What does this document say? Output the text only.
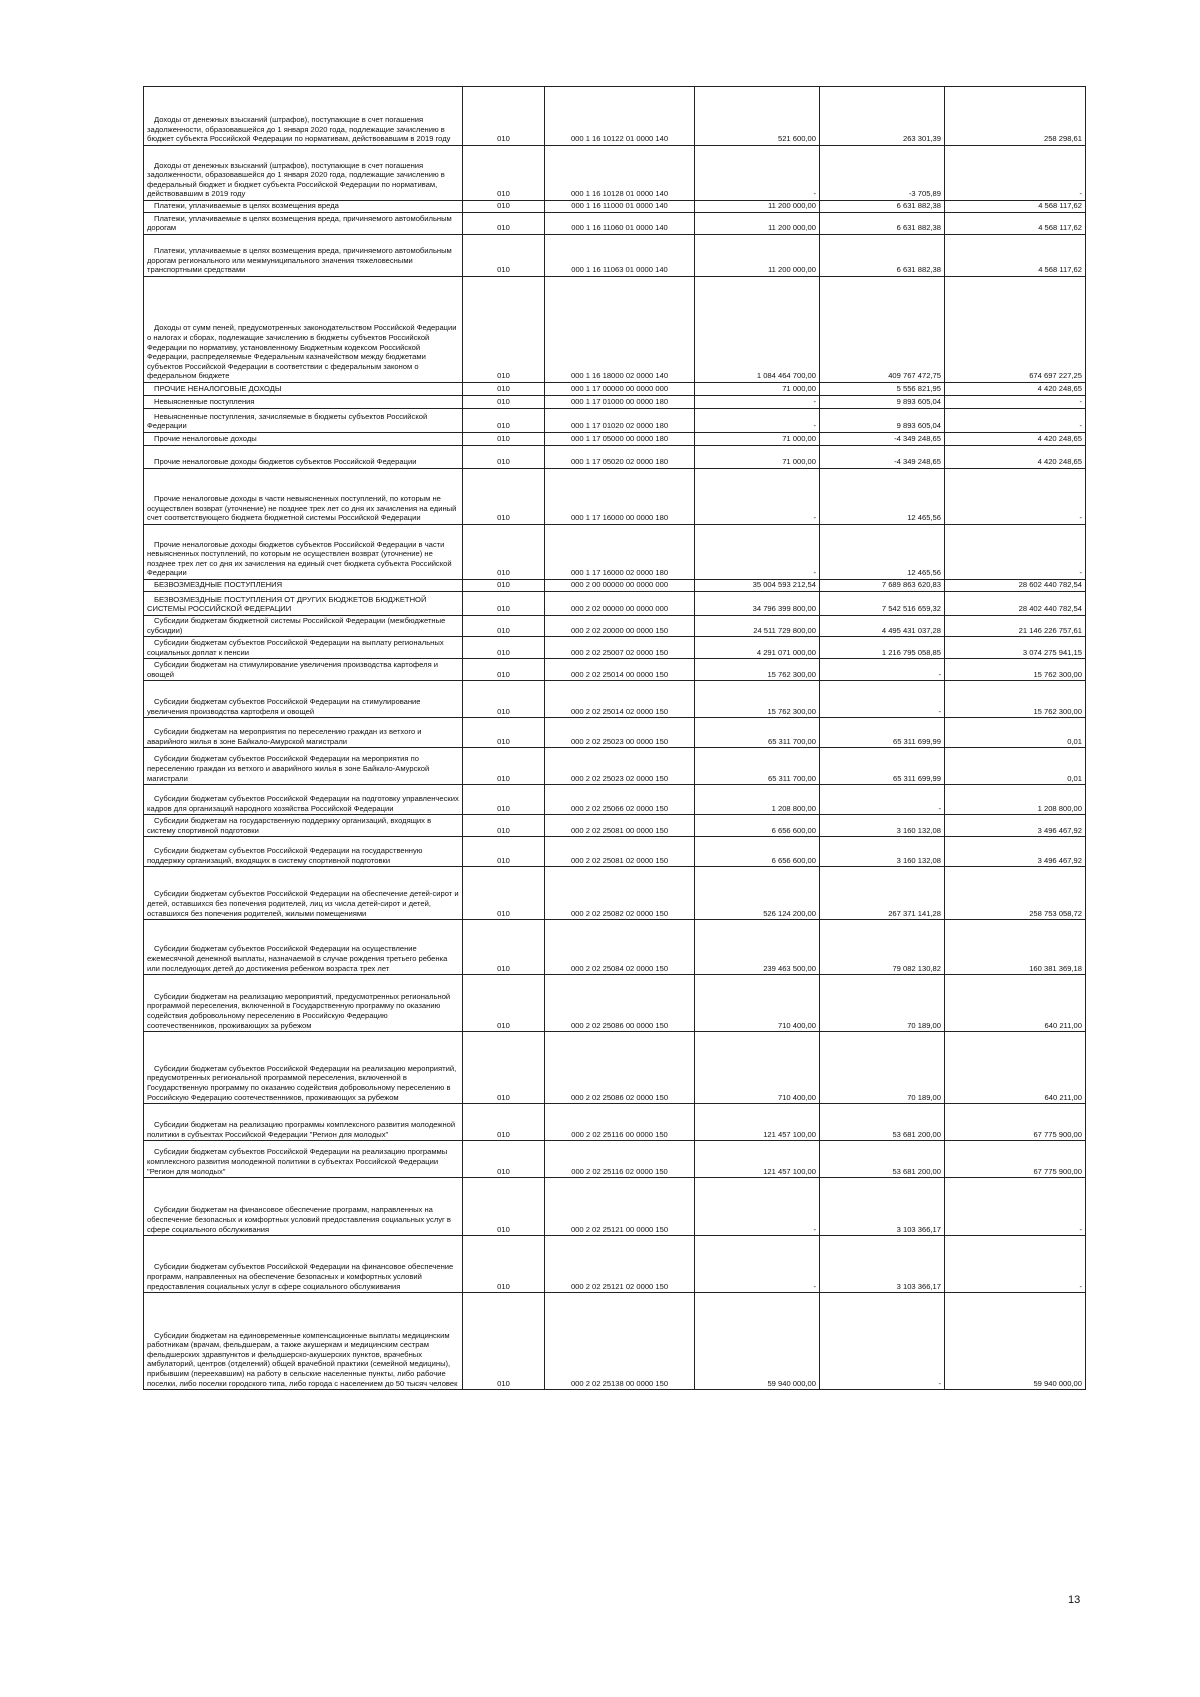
Доходы от денежных взысканий (штрафов), поступающие в счет погашения задолженности, образовавшейся до 1 января 2020 года, подлежащие зачислению в бюджет субъекта Российской Федерации по нормативам, действовавшим в 2019 году	010	000 1 16 10122 01 0000 140	521 600,00	263 301,39	258 298,61
Доходы от денежных взысканий (штрафов), поступающие в счет погашения задолженности, образовавшейся до 1 января 2020 года, подлежащие зачислению в федеральный бюджет и бюджет субъекта Российской Федерации по нормативам, действовавшим в 2019 году	010	000 1 16 10128 01 0000 140	-	-3 705,89	-
Платежи, уплачиваемые в целях возмещения вреда	010	000 1 16 11000 01 0000 140	11 200 000,00	6 631 882,38	4 568 117,62
Платежи, уплачиваемые в целях возмещения вреда, причиняемого автомобильным дорогам	010	000 1 16 11060 01 0000 140	11 200 000,00	6 631 882,38	4 568 117,62
Платежи, уплачиваемые в целях возмещения вреда, причиняемого автомобильным дорогам регионального или межмуниципального значения тяжеловесными транспортными средствами	010	000 1 16 11063 01 0000 140	11 200 000,00	6 631 882,38	4 568 117,62
Доходы от сумм пеней, предусмотренных законодательством Российской Федерации о налогах и сборах, подлежащие зачислению в бюджеты субъектов Российской Федерации по нормативу, установленному Бюджетным кодексом Российской Федерации, распределяемые Федеральным казначейством между бюджетами субъектов Российской Федерации в соответствии с федеральным законом о федеральном бюджете	010	000 1 16 18000 02 0000 140	1 084 464 700,00	409 767 472,75	674 697 227,25
ПРОЧИЕ НЕНАЛОГОВЫЕ ДОХОДЫ	010	000 1 17 00000 00 0000 000	71 000,00	5 556 821,95	4 420 248,65
Невыясненные поступления	010	000 1 17 01000 00 0000 180	-	9 893 605,04	-
Невыясненные поступления, зачисляемые в бюджеты субъектов Российской Федерации	010	000 1 17 01020 02 0000 180	-	9 893 605,04	-
Прочие неналоговые доходы	010	000 1 17 05000 00 0000 180	71 000,00	-4 349 248,65	4 420 248,65
Прочие неналоговые доходы бюджетов субъектов Российской Федерации	010	000 1 17 05020 02 0000 180	71 000,00	-4 349 248,65	4 420 248,65
Прочие неналоговые доходы в части невыясненных поступлений, по которым не осуществлен возврат (уточнение) не позднее трех лет со дня их зачисления на единый счет соответствующего бюджета бюджетной системы Российской Федерации	010	000 1 17 16000 00 0000 180	-	12 465,56	-
Прочие неналоговые доходы бюджетов субъектов Российской Федерации в части невыясненных поступлений, по которым не осуществлен возврат (уточнение) не позднее трех лет со дня их зачисления на единый счет бюджета субъекта Российской Федерации	010	000 1 17 16000 02 0000 180	-	12 465,56	-
БЕЗВОЗМЕЗДНЫЕ ПОСТУПЛЕНИЯ	010	000 2 00 00000 00 0000 000	35 004 593 212,54	7 689 863 620,83	28 602 440 782,54
БЕЗВОЗМЕЗДНЫЕ ПОСТУПЛЕНИЯ ОТ ДРУГИХ БЮДЖЕТОВ БЮДЖЕТНОЙ СИСТЕМЫ РОССИЙСКОЙ ФЕДЕРАЦИИ	010	000 2 02 00000 00 0000 000	34 796 399 800,00	7 542 516 659,32	28 402 440 782,54
Субсидии бюджетам бюджетной системы Российской Федерации (межбюджетные субсидии)	010	000 2 02 20000 00 0000 150	24 511 729 800,00	4 495 431 037,28	21 146 226 757,61
Субсидии бюджетам субъектов Российской Федерации на выплату региональных социальных доплат к пенсии	010	000 2 02 25007 02 0000 150	4 291 071 000,00	1 216 795 058,85	3 074 275 941,15
Субсидии бюджетам на стимулирование увеличения производства картофеля и овощей	010	000 2 02 25014 00 0000 150	15 762 300,00	-	15 762 300,00
Субсидии бюджетам субъектов Российской Федерации на стимулирование увеличения производства картофеля и овощей	010	000 2 02 25014 02 0000 150	15 762 300,00	-	15 762 300,00
Субсидии бюджетам на мероприятия по переселению граждан из ветхого и аварийного жилья в зоне Байкало-Амурской магистрали	010	000 2 02 25023 00 0000 150	65 311 700,00	65 311 699,99	0,01
Субсидии бюджетам субъектов Российской Федерации на мероприятия по переселению граждан из ветхого и аварийного жилья в зоне Байкало-Амурской магистрали	010	000 2 02 25023 02 0000 150	65 311 700,00	65 311 699,99	0,01
Субсидии бюджетам субъектов Российской Федерации на подготовку управленческих кадров для организаций народного хозяйства Российской Федерации	010	000 2 02 25066 02 0000 150	1 208 800,00	-	1 208 800,00
Субсидии бюджетам на государственную поддержку организаций, входящих в систему спортивной подготовки	010	000 2 02 25081 00 0000 150	6 656 600,00	3 160 132,08	3 496 467,92
Субсидии бюджетам субъектов Российской Федерации на государственную поддержку организаций, входящих в систему спортивной подготовки	010	000 2 02 25081 02 0000 150	6 656 600,00	3 160 132,08	3 496 467,92
Субсидии бюджетам субъектов Российской Федерации на обеспечение детей-сирот и детей, оставшихся без попечения родителей, лиц из числа детей-сирот и детей, оставшихся без попечения родителей, жилыми помещениями	010	000 2 02 25082 02 0000 150	526 124 200,00	267 371 141,28	258 753 058,72
Субсидии бюджетам субъектов Российской Федерации на осуществление ежемесячной денежной выплаты, назначаемой в случае рождения третьего ребенка или последующих детей до достижения ребенком возраста трех лет	010	000 2 02 25084 02 0000 150	239 463 500,00	79 082 130,82	160 381 369,18
Субсидии бюджетам на реализацию мероприятий, предусмотренных региональной программой переселения, включенной в Государственную программу по оказанию содействия добровольному переселению в Российскую Федерацию соотечественников, проживающих за рубежом	010	000 2 02 25086 00 0000 150	710 400,00	70 189,00	640 211,00
Субсидии бюджетам субъектов Российской Федерации на реализацию мероприятий, предусмотренных региональной программой переселения, включенной в Государственную программу по оказанию содействия добровольному переселению в Российскую Федерацию соотечественников, проживающих за рубежом	010	000 2 02 25086 02 0000 150	710 400,00	70 189,00	640 211,00
Субсидии бюджетам на реализацию программы комплексного развития молодежной политики в субъектах Российской Федерации "Регион для молодых"	010	000 2 02 25116 00 0000 150	121 457 100,00	53 681 200,00	67 775 900,00
Субсидии бюджетам субъектов Российской Федерации на реализацию программы комплексного развития молодежной политики в субъектах Российской Федерации "Регион для молодых"	010	000 2 02 25116 02 0000 150	121 457 100,00	53 681 200,00	67 775 900,00
Субсидии бюджетам на финансовое обеспечение программ, направленных на обеспечение безопасных и комфортных условий предоставления социальных услуг в сфере социального обслуживания	010	000 2 02 25121 00 0000 150	-	3 103 366,17	-
Субсидии бюджетам субъектов Российской Федерации на финансовое обеспечение программ, направленных на обеспечение безопасных и комфортных условий предоставления социальных услуг в сфере социального обслуживания	010	000 2 02 25121 02 0000 150	-	3 103 366,17	-
Субсидии бюджетам на единовременные компенсационные выплаты медицинским работникам (врачам, фельдшерам, а также акушеркам и медицинским сестрам фельдшерских здравпунктов и фельдшерско-акушерских пунктов, врачебных амбулаторий, центров (отделений) общей врачебной практики (семейной медицины), прибывшим (переехавшим) на работу в сельские населенные пункты, либо рабочие поселки, либо поселки городского типа, либо города с населением до 50 тысяч человек	010	000 2 02 25138 00 0000 150	59 940 000,00	-	59 940 000,00
13
